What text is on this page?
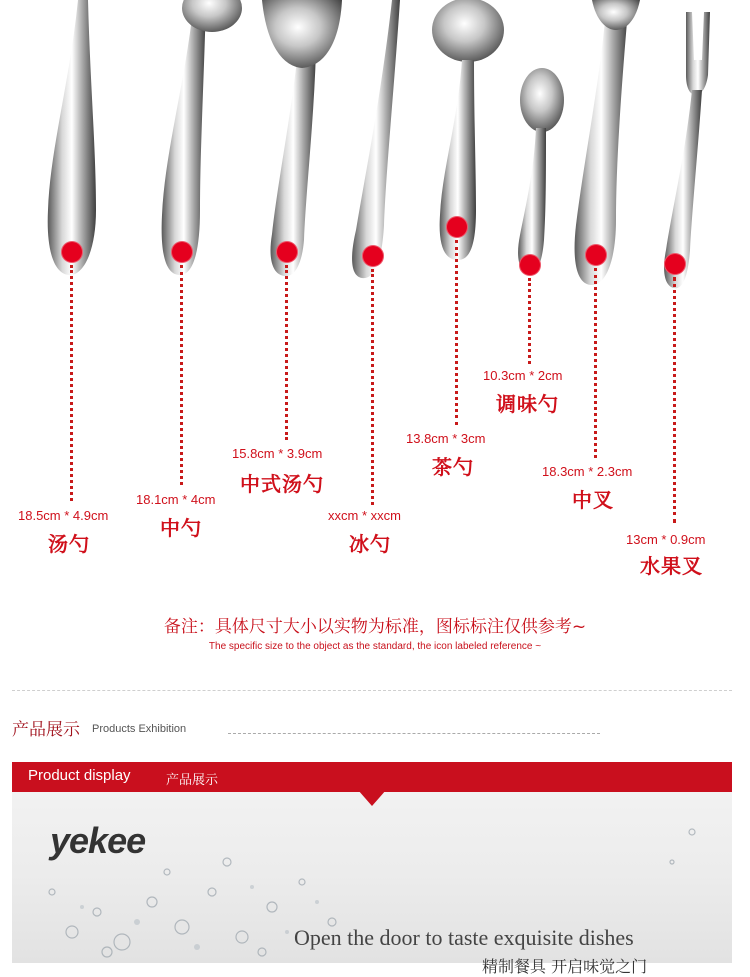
18.5cm * 4.9cm
汤勺
18.1cm * 4cm
中勺
15.8cm * 3.9cm
中式汤勺
xxcm * xxcm
冰勺
13.8cm * 3cm
茶勺
10.3cm * 2cm
调味勺
18.3cm * 2.3cm
中叉
13cm * 0.9cm
水果叉
备注：具体尺寸大小以实物为标准，图标标注仅供参考~
The specific size to the object as the standard, the icon labeled reference ~
产品展示 Products Exhibition
Product display	产品展示
yekee
Open the door to taste exquisite dishes
精制餐具 开启味觉之门
